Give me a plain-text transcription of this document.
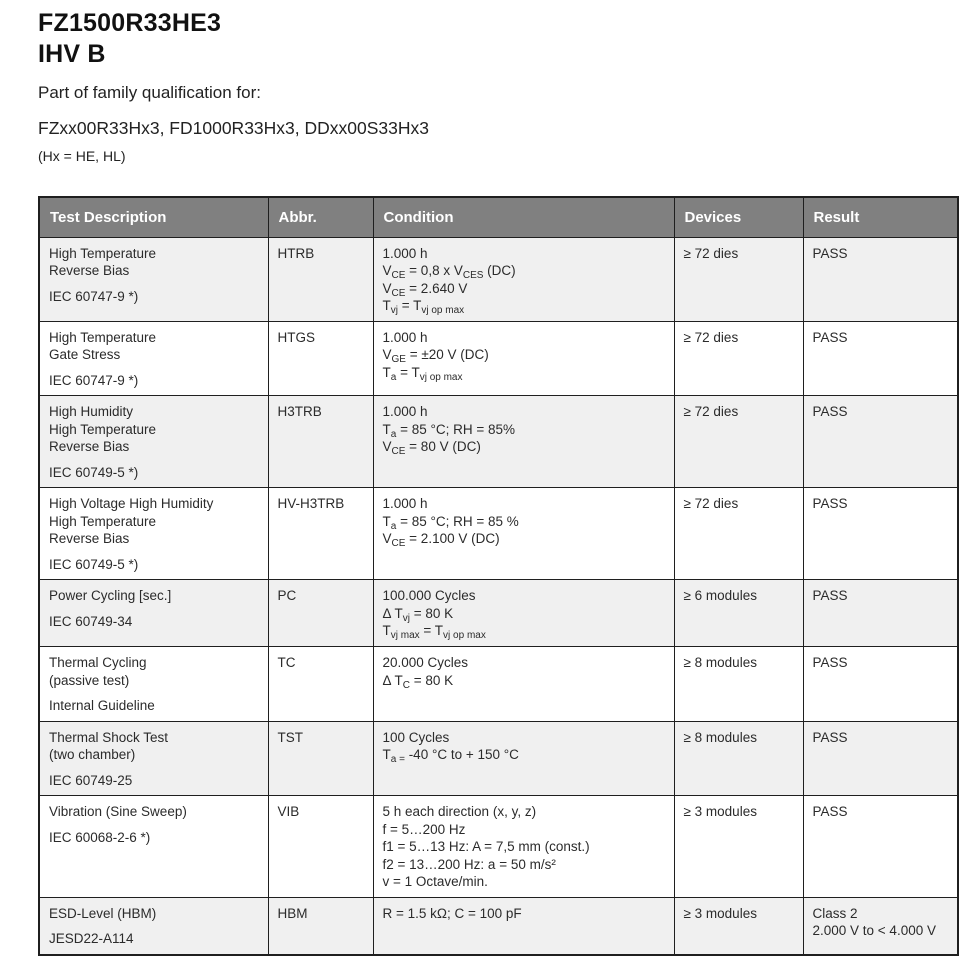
FZ1500R33HE3
IHV B
Part of family qualification for:
FZxx00R33Hx3, FD1000R33Hx3, DDxx00S33Hx3
(Hx = HE, HL)
Test Description	Abbr.	Condition	Devices	Result

High Temperature
Reverse Bias
IEC 60747-9 *)
	HTRB	1.000 h
$V_{CE} = 0,8$ x $V_{CES}$ (DC)
$V_{CE} = 2.640$ V
$T_{vj} = T_{vj op max}$
	≥ 72 dies	PASS

High Temperature
Gate Stress
IEC 60747-9 *)
	HTGS	1.000 h
$V_{GE} = \pm 20$ V (DC)
$T_a = T_{vj op max}$
	≥ 72 dies	PASS

High Humidity
High Temperature
Reverse Bias
IEC 60749-5 *)
	H3TRB	1.000 h
$T_a = 85$ °C; RH = 85%
$V_{CE} = 80$ V (DC)
	≥ 72 dies	PASS

High Voltage High Humidity
High Temperature
Reverse Bias
IEC 60749-5 *)
	HV-H3TRB	1.000 h
$T_a = 85$ °C; RH = 85 %
$V_{CE} = 2.100$ V (DC)
	≥ 72 dies	PASS

Power Cycling [sec.]
IEC 60749-34
	PC	100.000 Cycles
Δ $T_{vj} = 80$ K
$T_{vj max} = T_{vj op max}$
	≥ 6 modules	PASS

Thermal Cycling
(passive test)
Internal Guideline
	TC	20.000 Cycles
Δ $T_C = 80$ K
	≥ 8 modules	PASS

Thermal Shock Test
(two chamber)
IEC 60749-25
	TST	100 Cycles
$T_{a =}$ -40 °C to + 150 °C
	≥ 8 modules	PASS

Vibration (Sine Sweep)
IEC 60068-2-6 *)
	VIB	5 h each direction (x, y, z)
f = 5…200 Hz
f1 = 5…13 Hz: A = 7,5 mm (const.)
f2 = 13…200 Hz: a = 50 m/s²
v = 1 Octave/min.
	≥ 3 modules	PASS

ESD-Level (HBM)
JESD22-A114
	HBM	R = 1.5 kΩ; C = 100 pF	≥ 3 modules	Class 2
2.000 V to < 4.000 V
